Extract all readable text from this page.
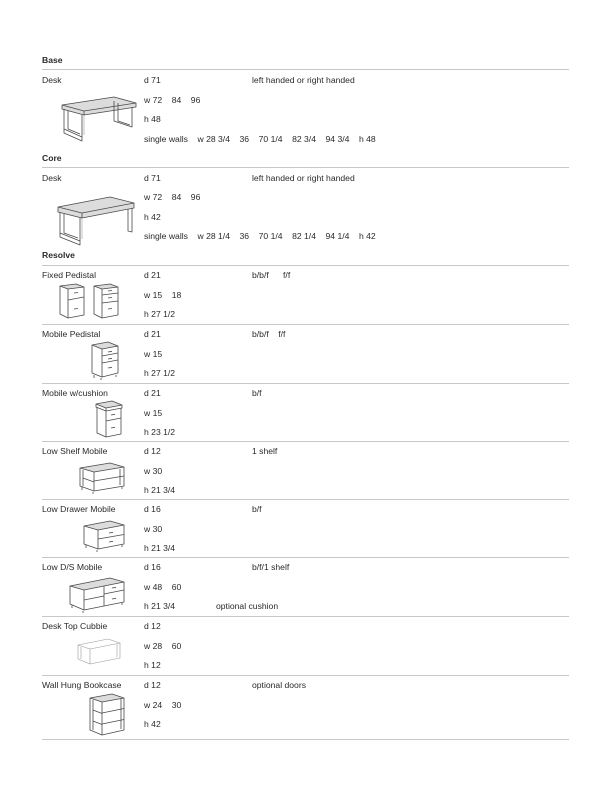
Base
Desk	d 71	left handed or right handed
w 72    84    96
h 48
single walls    w 28 3/4    36    70 1/4    82 3/4    94 3/4    h 48
Core
Desk	d 71	left handed or right handed
w 72    84    96
h 42
single walls    w 28 1/4    36    70 1/4    82 1/4    94 1/4    h 42
Resolve
Fixed Pedistal	d 21	b/b/f      f/f
w 15    18
h 27 1/2
Mobile Pedistal	d 21	b/b/f    f/f
w 15
h 27 1/2
Mobile w/cushion	d 21	b/f
w 15
h 23 1/2
Low Shelf Mobile	d 12	1 shelf
w 30
h 21 3/4
Low Drawer Mobile	d 16	b/f
w 30
h 21 3/4
Low D/S Mobile	d 16	b/f/1 shelf
w 48    60
h 21 3/4	optional cushion
Desk Top Cubbie	d 12
w 28    60
h 12
Wall Hung Bookcase	d 12	optional doors
w 24    30
h 42
